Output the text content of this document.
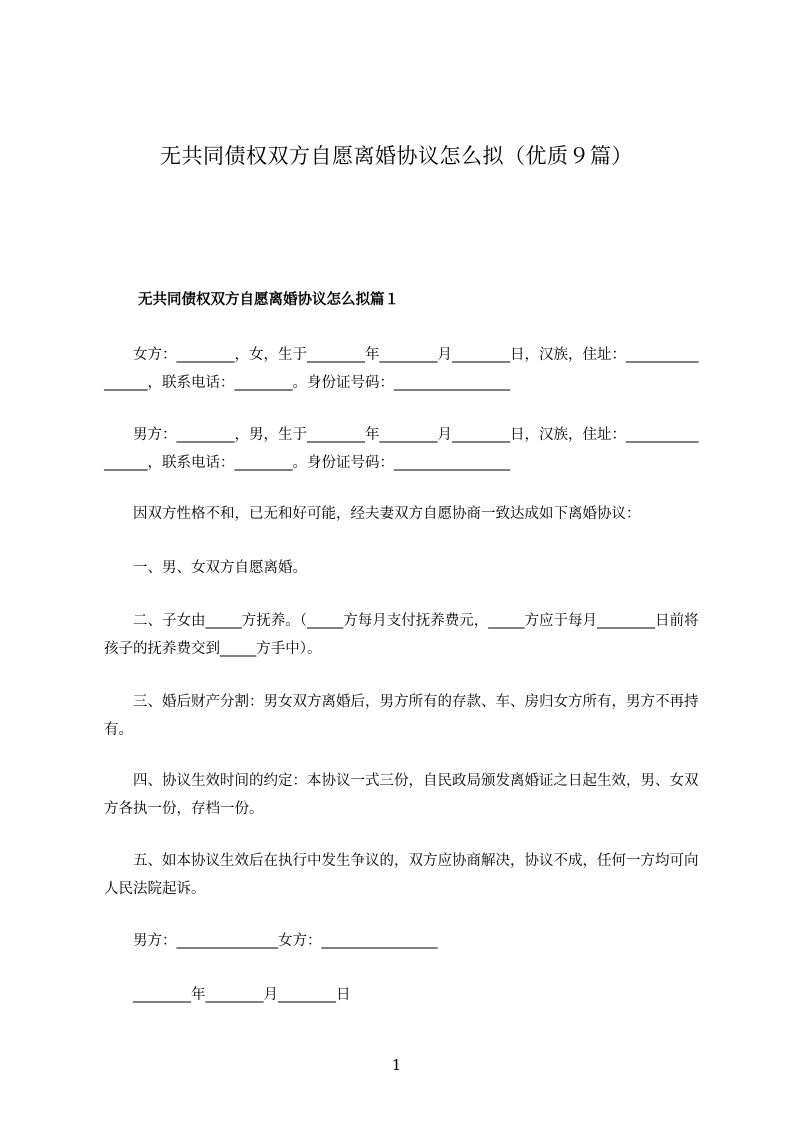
无共同债权双方自愿离婚协议怎么拟（优质９篇）
无共同债权双方自愿离婚协议怎么拟篇１
　　女方：________，女，生于________年________月________日，汉族，住址：________________，联系电话：________。身份证号码：________________
　　男方：________，男，生于________年________月________日，汉族，住址：________________，联系电话：________。身份证号码：________________
　　因双方性格不和，已无和好可能，经夫妻双方自愿协商一致达成如下离婚协议：
　　一、男、女双方自愿离婚。
　　二、子女由_____方抚养。（_____方每月支付抚养费元，_____方应于每月________日前将孩子的抚养费交到_____方手中）。
　　三、婚后财产分割：男女双方离婚后，男方所有的存款、车、房归女方所有，男方不再持有。
　　四、协议生效时间的约定：本协议一式三份，自民政局颁发离婚证之日起生效，男、女双方各执一份，存档一份。
　　五、如本协议生效后在执行中发生争议的，双方应协商解决，协议不成，任何一方均可向人民法院起诉。
　　男方：______________女方：________________
　　________年________月________日
1
